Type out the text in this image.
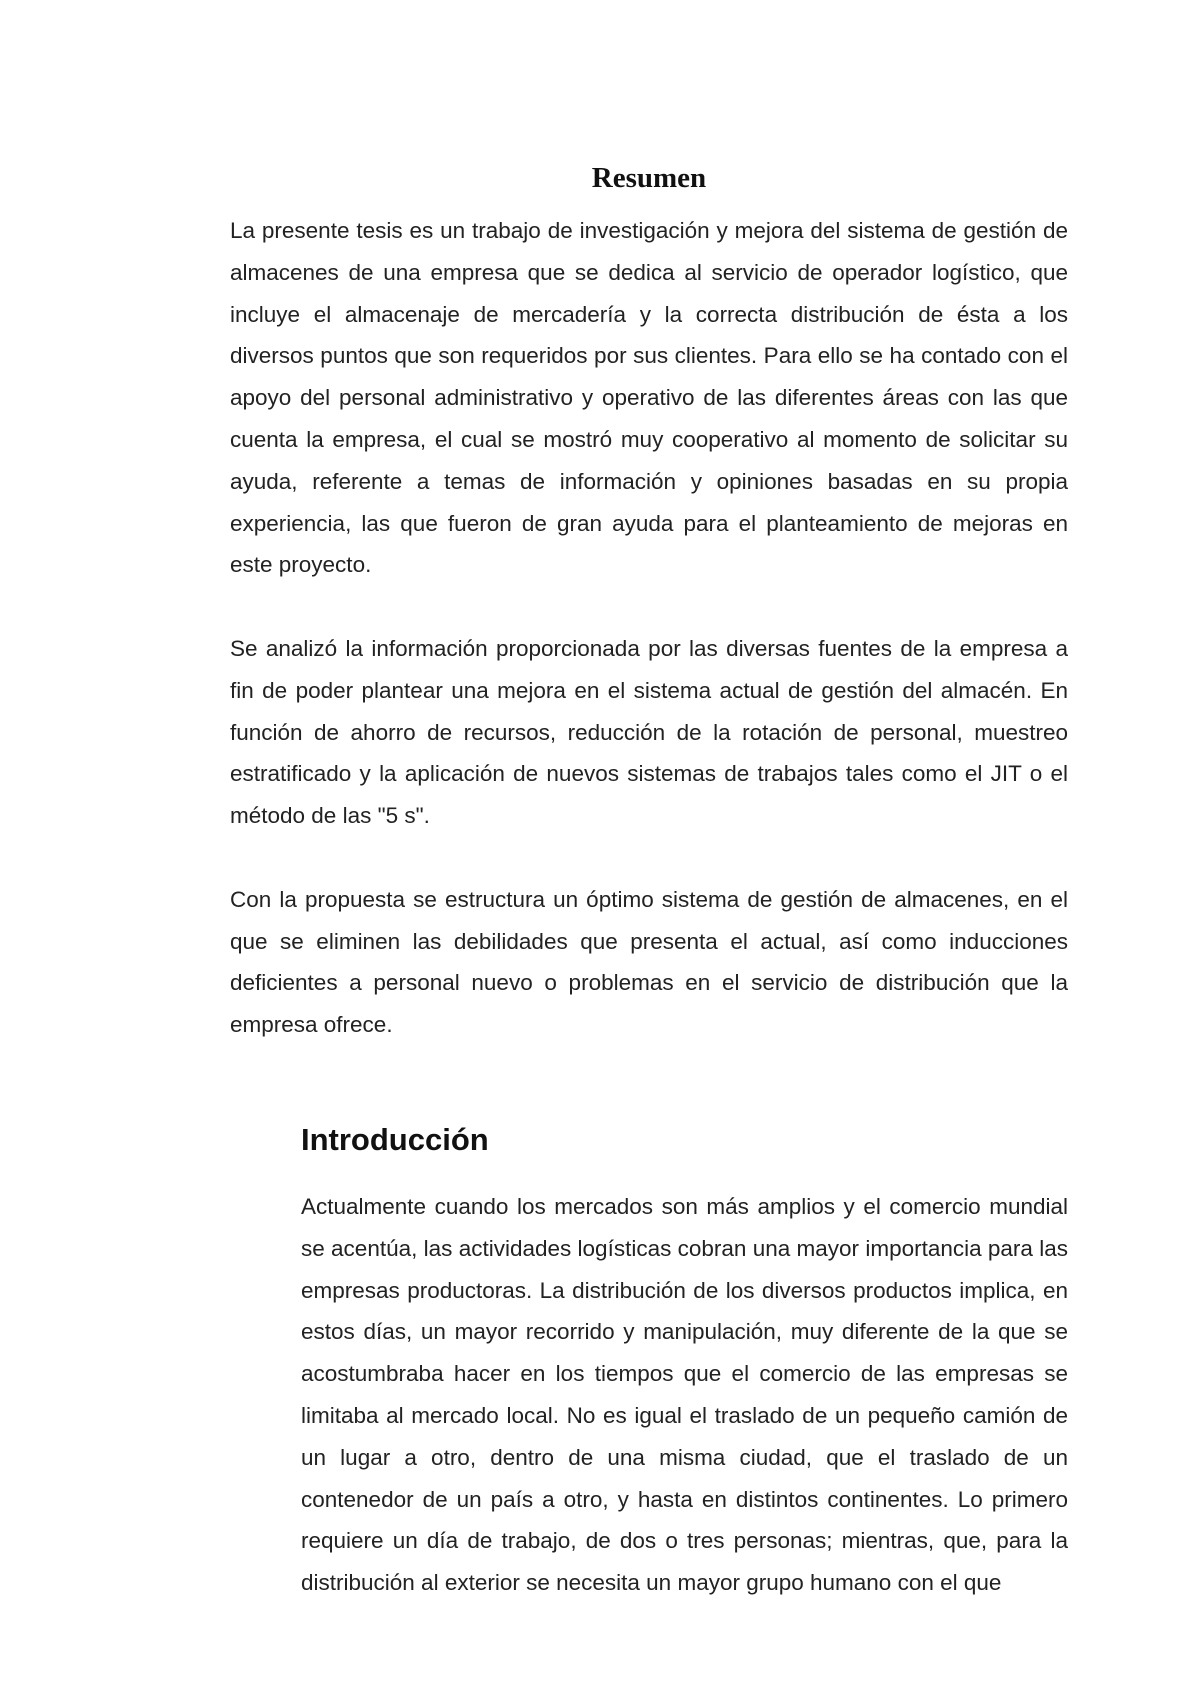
Resumen

La presente tesis es un trabajo de investigación y mejora del sistema de gestión de almacenes de una empresa que se dedica al servicio de operador logístico, que incluye el almacenaje de mercadería y la correcta distribución de ésta a los diversos puntos que son requeridos por sus clientes. Para ello se ha contado con el apoyo del personal administrativo y operativo de las diferentes áreas con las que cuenta la empresa, el cual se mostró muy cooperativo al momento de solicitar su ayuda, referente a temas de información y opiniones basadas en su propia experiencia, las que fueron de gran ayuda para el planteamiento de mejoras en este proyecto.

Se analizó la información proporcionada por las diversas fuentes de la empresa a fin de poder plantear una mejora en el sistema actual de gestión del almacén. En función de ahorro de recursos, reducción de la rotación de personal, muestreo estratificado y la aplicación de nuevos sistemas de trabajos tales como el JIT o el método de las "5 s".

Con la propuesta se estructura un óptimo sistema de gestión de almacenes, en el que se eliminen las debilidades que presenta el actual, así como inducciones deficientes a personal nuevo o problemas en el servicio de distribución que la empresa ofrece.

Introducción

Actualmente cuando los mercados son más amplios y el comercio mundial se acentúa, las actividades logísticas cobran una mayor importancia para las empresas productoras. La distribución de los diversos productos implica, en estos días, un mayor recorrido y manipulación, muy diferente de la que se acostumbraba hacer en los tiempos que el comercio de las empresas se limitaba al mercado local. No es igual el traslado de un pequeño camión de un lugar a otro, dentro de una misma ciudad, que el traslado de un contenedor de un país a otro, y hasta en distintos continentes. Lo primero requiere un día de trabajo, de dos o tres personas; mientras, que, para la distribución al exterior se necesita un mayor grupo humano con el que
